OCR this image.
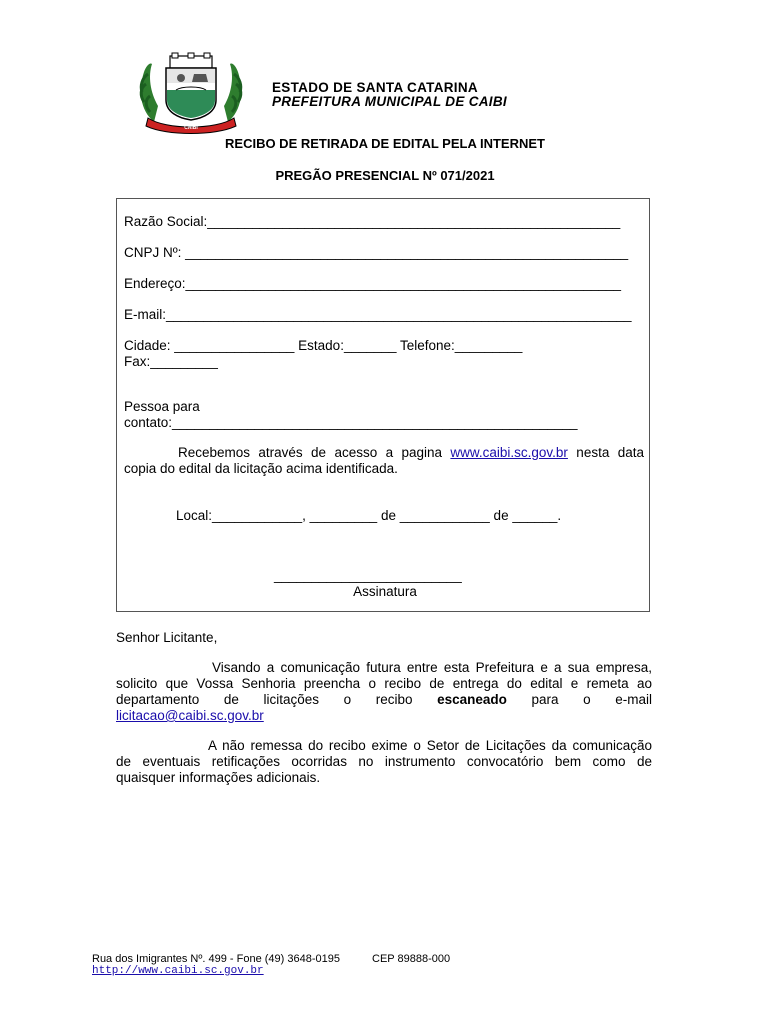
CAIBI
ESTADO DE SANTA CATARINA
PREFEITURA MUNICIPAL DE CAIBI
RECIBO DE RETIRADA DE EDITAL PELA INTERNET
PREGÃO PRESENCIAL Nº 071/2021
Razão Social:_______________________________________________________
CNPJ Nº: ___________________________________________________________
Endereço:__________________________________________________________
E-mail:______________________________________________________________
Cidade: ________________ Estado:_______ Telefone:_________
Fax:_________
Pessoa para
contato:______________________________________________________
Recebemos através de acesso a pagina www.caibi.sc.gov.br nesta data
copia do edital da licitação acima identificada.
Local:____________, _________ de ____________ de ______.
_________________________
Assinatura
Senhor Licitante,
Visando a comunicação futura entre esta Prefeitura e a sua empresa,
solicito que Vossa Senhoria preencha o recibo de entrega do edital e remeta ao
departamento de licitações o recibo escaneado para o e-mail
licitacao@caibi.sc.gov.br
A não remessa do recibo exime o Setor de Licitações da comunicação
de eventuais retificações ocorridas no instrumento convocatório bem como de
quaisquer informações adicionais.
Rua dos Imigrantes Nº. 499 - Fone (49) 3648-0195	CEP 89888-000
http://www.caibi.sc.gov.br
